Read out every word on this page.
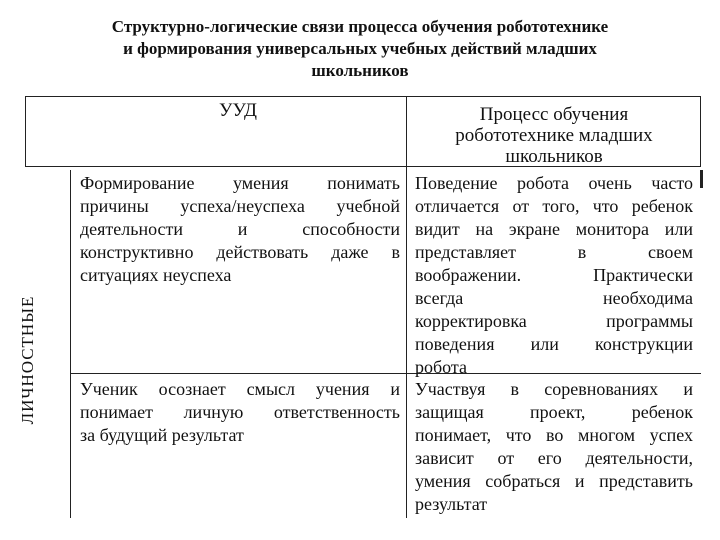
Структурно-логические связи процесса обучения робототехнике
и формирования универсальных учебных действий младших
школьников
УУД	Процесс обучения
робототехнике младших
школьников
ЛИЧНОСТНЫЕ
Формирование умения понимать
причины успеха/неуспеха учебной
деятельности и способности
конструктивно действовать даже в
ситуациях неуспеха
Поведение робота очень часто
отличается от того, что ребенок
видит на экране монитора или
представляет в своем
воображении. Практически
всегда необходима
корректировка программы
поведения или конструкции
робота
Ученик осознает смысл учения и
понимает личную ответственность
за будущий результат
Участвуя в соревнованиях и
защищая проект, ребенок
понимает, что во многом успех
зависит от его деятельности,
умения собраться и представить
результат
